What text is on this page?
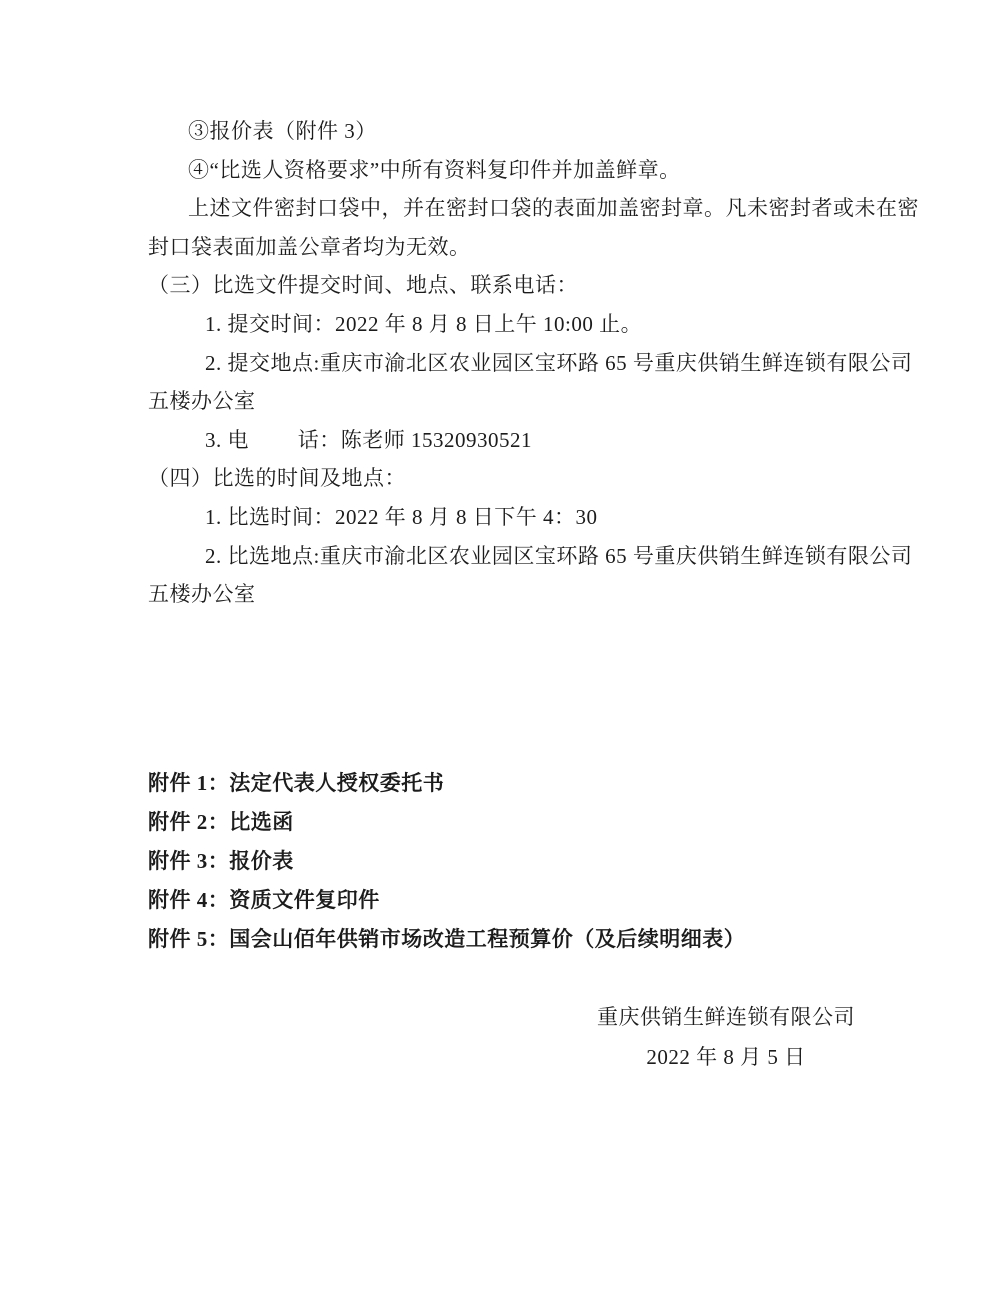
③报价表（附件 3）
④“比选人资格要求”中所有资料复印件并加盖鲜章。
上述文件密封口袋中，并在密封口袋的表面加盖密封章。凡未密封者或未在密
封口袋表面加盖公章者均为无效。
（三）比选文件提交时间、地点、联系电话：
1. 提交时间：2022 年 8 月 8 日上午 10:00 止。
2. 提交地点:重庆市渝北区农业园区宝环路 65 号重庆供销生鲜连锁有限公司
五楼办公室
3. 电　　 话：陈老师 15320930521
（四）比选的时间及地点：
1. 比选时间：2022 年 8 月 8 日下午 4：30
2. 比选地点:重庆市渝北区农业园区宝环路 65 号重庆供销生鲜连锁有限公司
五楼办公室
附件 1：法定代表人授权委托书
附件 2：比选函
附件 3：报价表
附件 4：资质文件复印件
附件 5：国会山佰年供销市场改造工程预算价（及后续明细表）
重庆供销生鲜连锁有限公司
2022 年 8 月 5 日
